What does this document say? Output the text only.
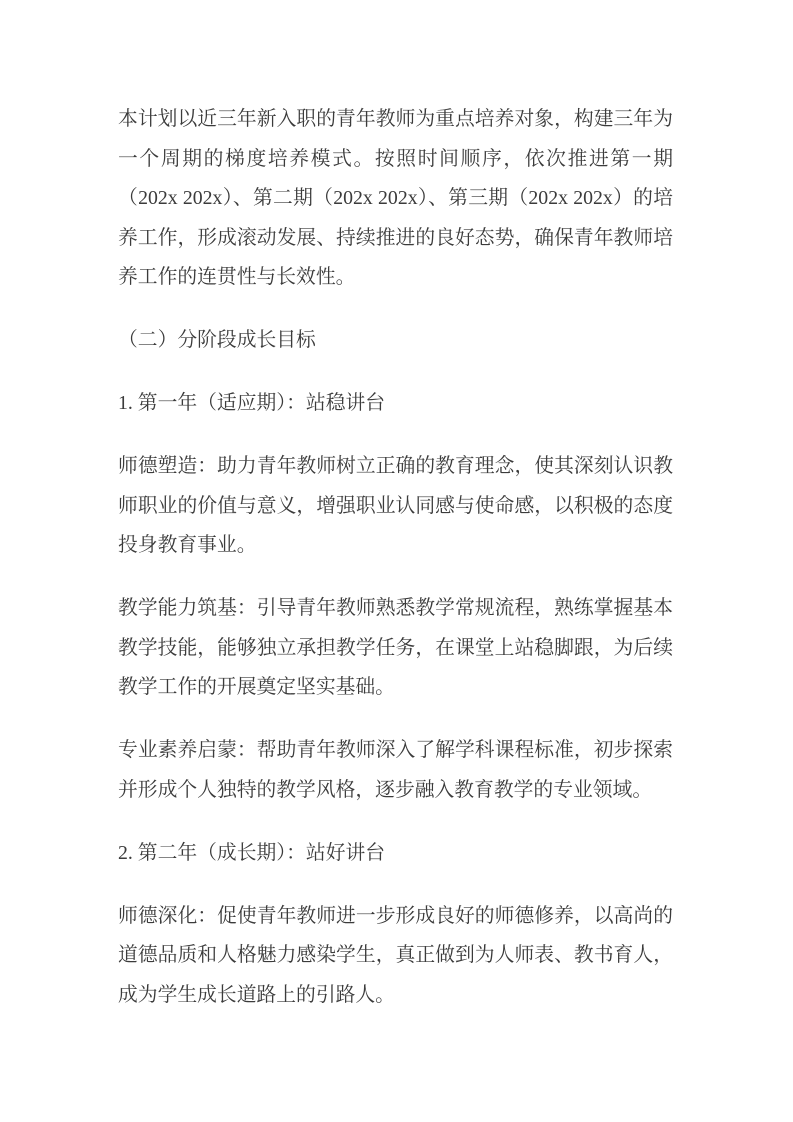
本计划以近三年新入职的青年教师为重点培养对象，构建三年为一个周期的梯度培养模式。按照时间顺序，依次推进第一期（202x 202x）、第二期（202x 202x）、第三期（202x 202x）的培养工作，形成滚动发展、持续推进的良好态势，确保青年教师培养工作的连贯性与长效性。

（二）分阶段成长目标

1. 第一年（适应期）：站稳讲台

师德塑造：助力青年教师树立正确的教育理念，使其深刻认识教师职业的价值与意义，增强职业认同感与使命感，以积极的态度投身教育事业。

教学能力筑基：引导青年教师熟悉教学常规流程，熟练掌握基本教学技能，能够独立承担教学任务，在课堂上站稳脚跟，为后续教学工作的开展奠定坚实基础。

专业素养启蒙：帮助青年教师深入了解学科课程标准，初步探索并形成个人独特的教学风格，逐步融入教育教学的专业领域。

2. 第二年（成长期）：站好讲台

师德深化：促使青年教师进一步形成良好的师德修养，以高尚的道德品质和人格魅力感染学生，真正做到为人师表、教书育人，成为学生成长道路上的引路人。
